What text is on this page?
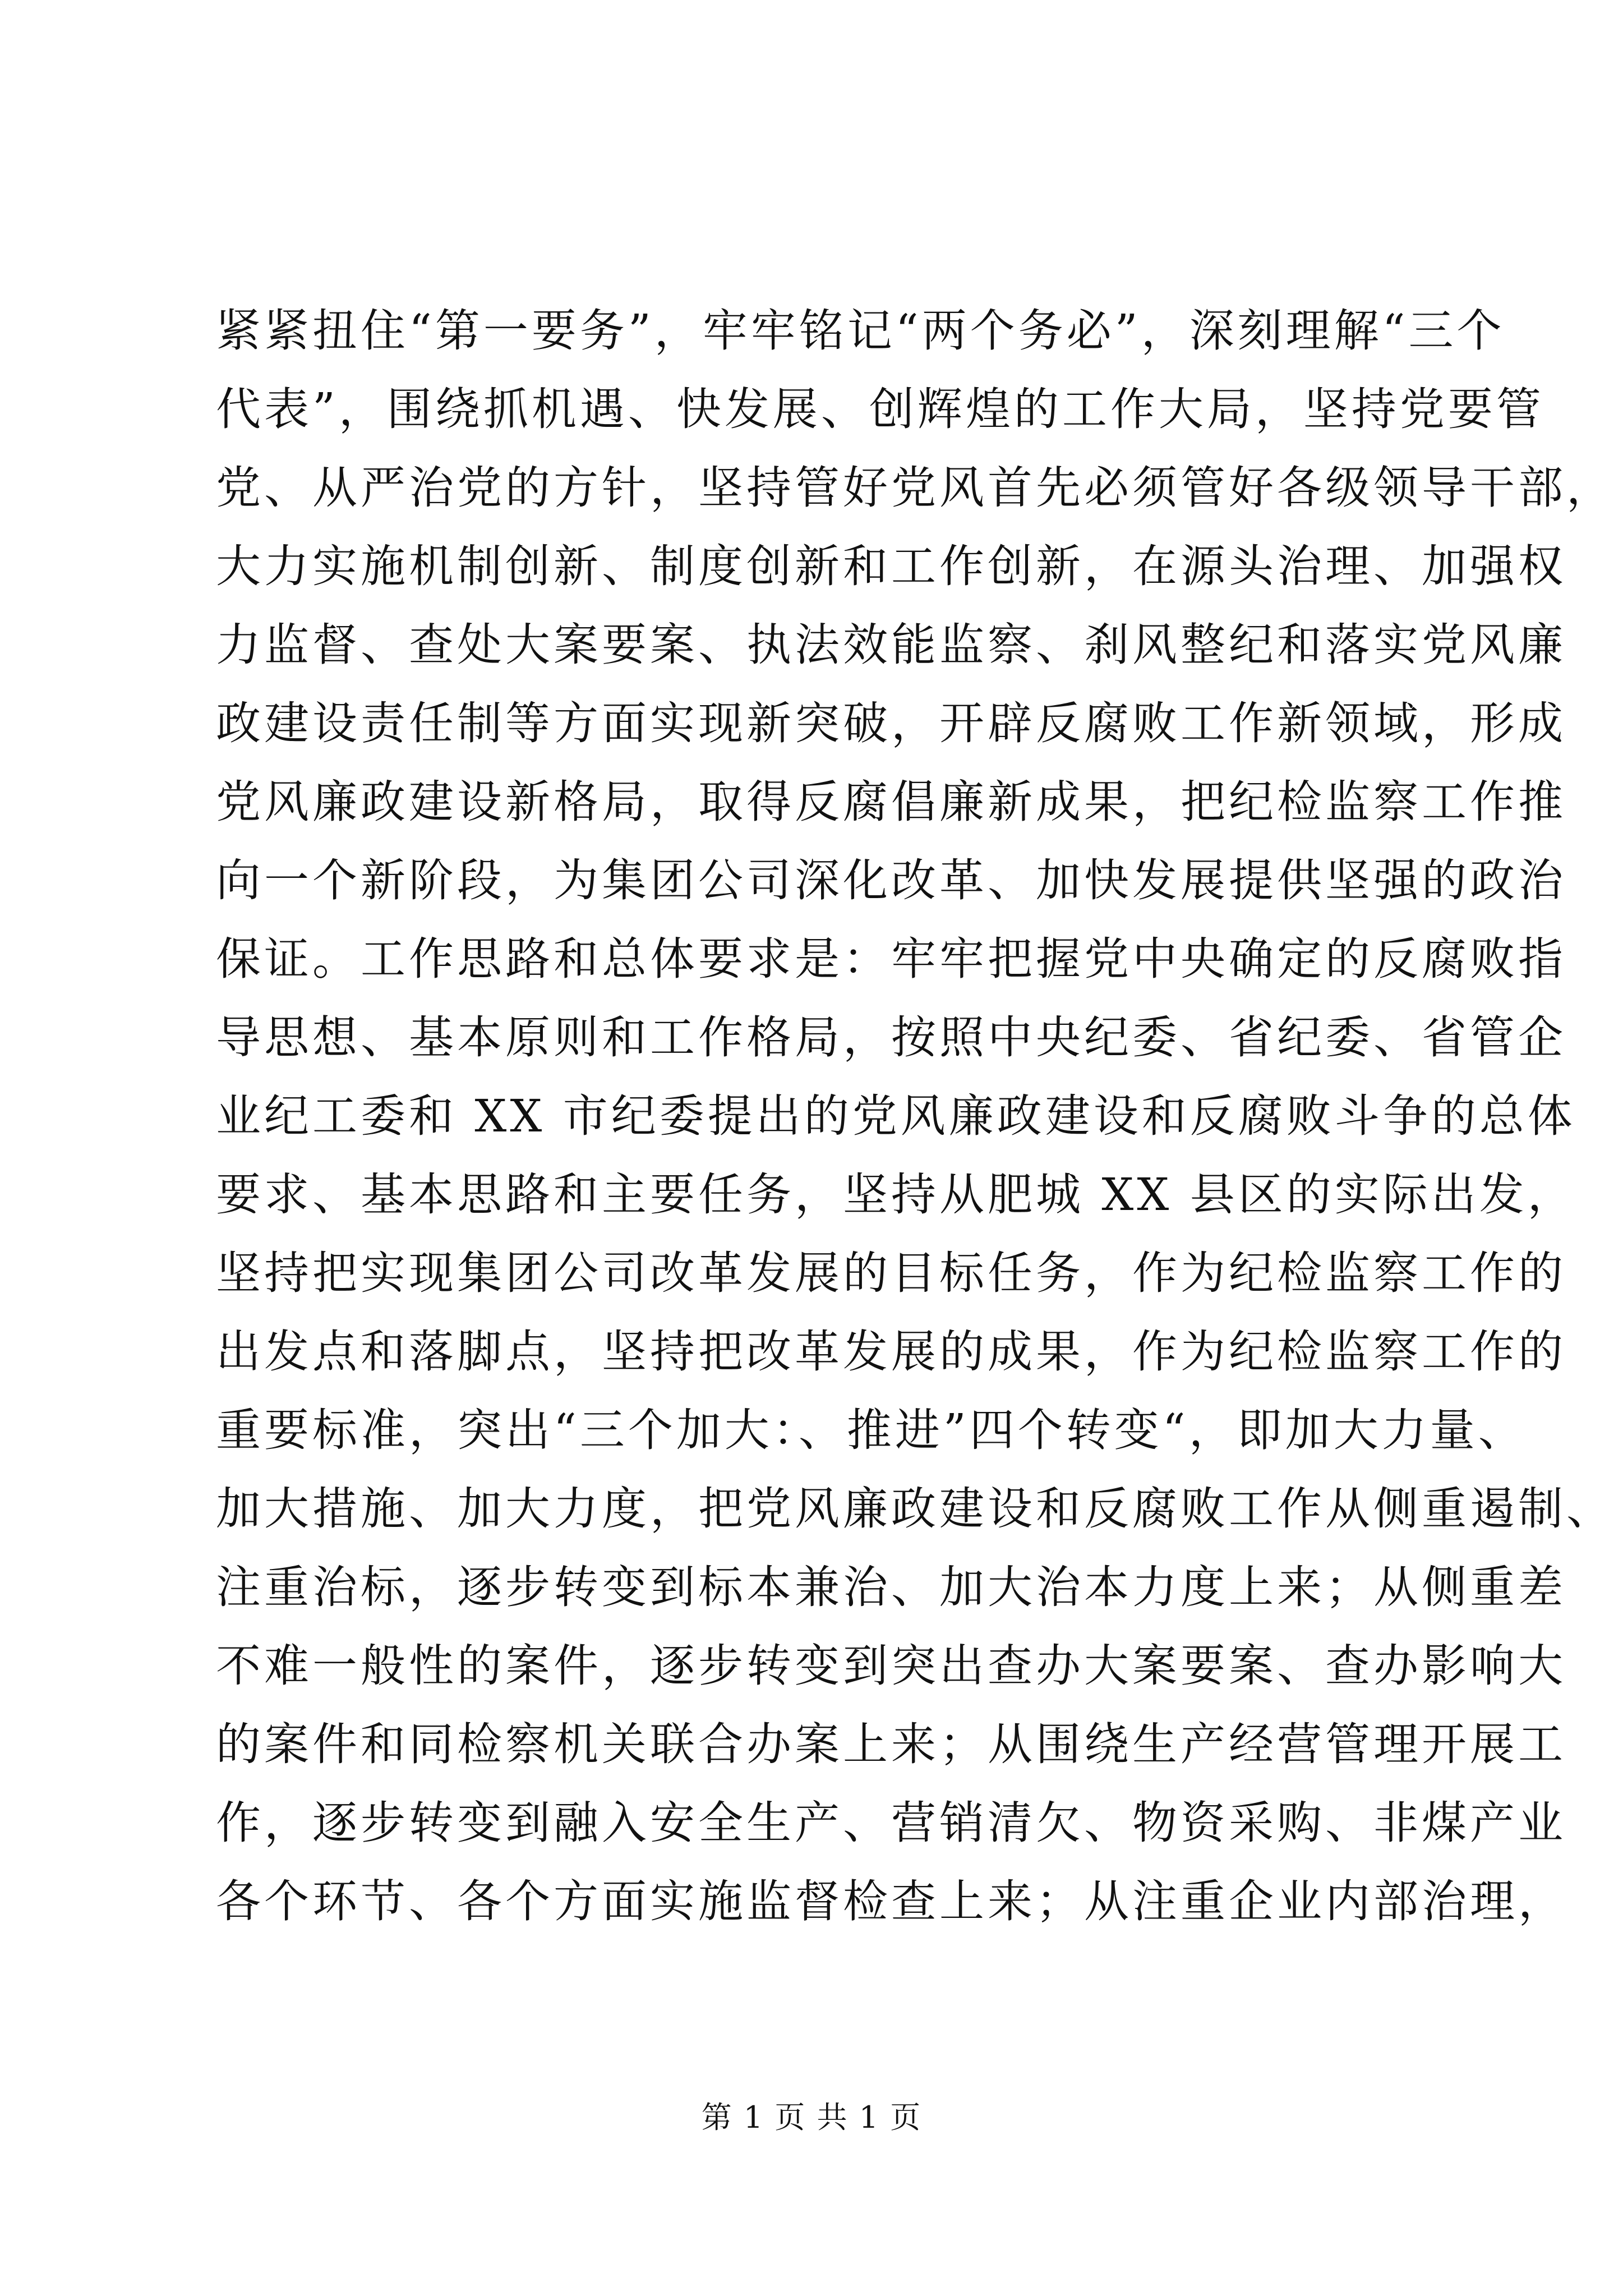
紧紧扭住“第一要务”，牢牢铭记“两个务必”，深刻理解“三个
代表”，围绕抓机遇、快发展、创辉煌的工作大局，坚持党要管
党、从严治党的方针，坚持管好党风首先必须管好各级领导干部，
大力实施机制创新、制度创新和工作创新，在源头治理、加强权
力监督、查处大案要案、执法效能监察、刹风整纪和落实党风廉
政建设责任制等方面实现新突破，开辟反腐败工作新领域，形成
党风廉政建设新格局，取得反腐倡廉新成果，把纪检监察工作推
向一个新阶段，为集团公司深化改革、加快发展提供坚强的政治
保证。工作思路和总体要求是：牢牢把握党中央确定的反腐败指
导思想、基本原则和工作格局，按照中央纪委、省纪委、省管企
业纪工委和 XX 市纪委提出的党风廉政建设和反腐败斗争的总体
要求、基本思路和主要任务，坚持从肥城 XX 县区的实际出发，
坚持把实现集团公司改革发展的目标任务，作为纪检监察工作的
出发点和落脚点，坚持把改革发展的成果，作为纪检监察工作的
重要标准，突出“三个加大：、推进”四个转变“，即加大力量、
加大措施、加大力度，把党风廉政建设和反腐败工作从侧重遏制、
注重治标，逐步转变到标本兼治、加大治本力度上来；从侧重差
不难一般性的案件，逐步转变到突出查办大案要案、查办影响大
的案件和同检察机关联合办案上来；从围绕生产经营管理开展工
作，逐步转变到融入安全生产、营销清欠、物资采购、非煤产业
各个环节、各个方面实施监督检查上来；从注重企业内部治理，
第 1 页 共 1 页
